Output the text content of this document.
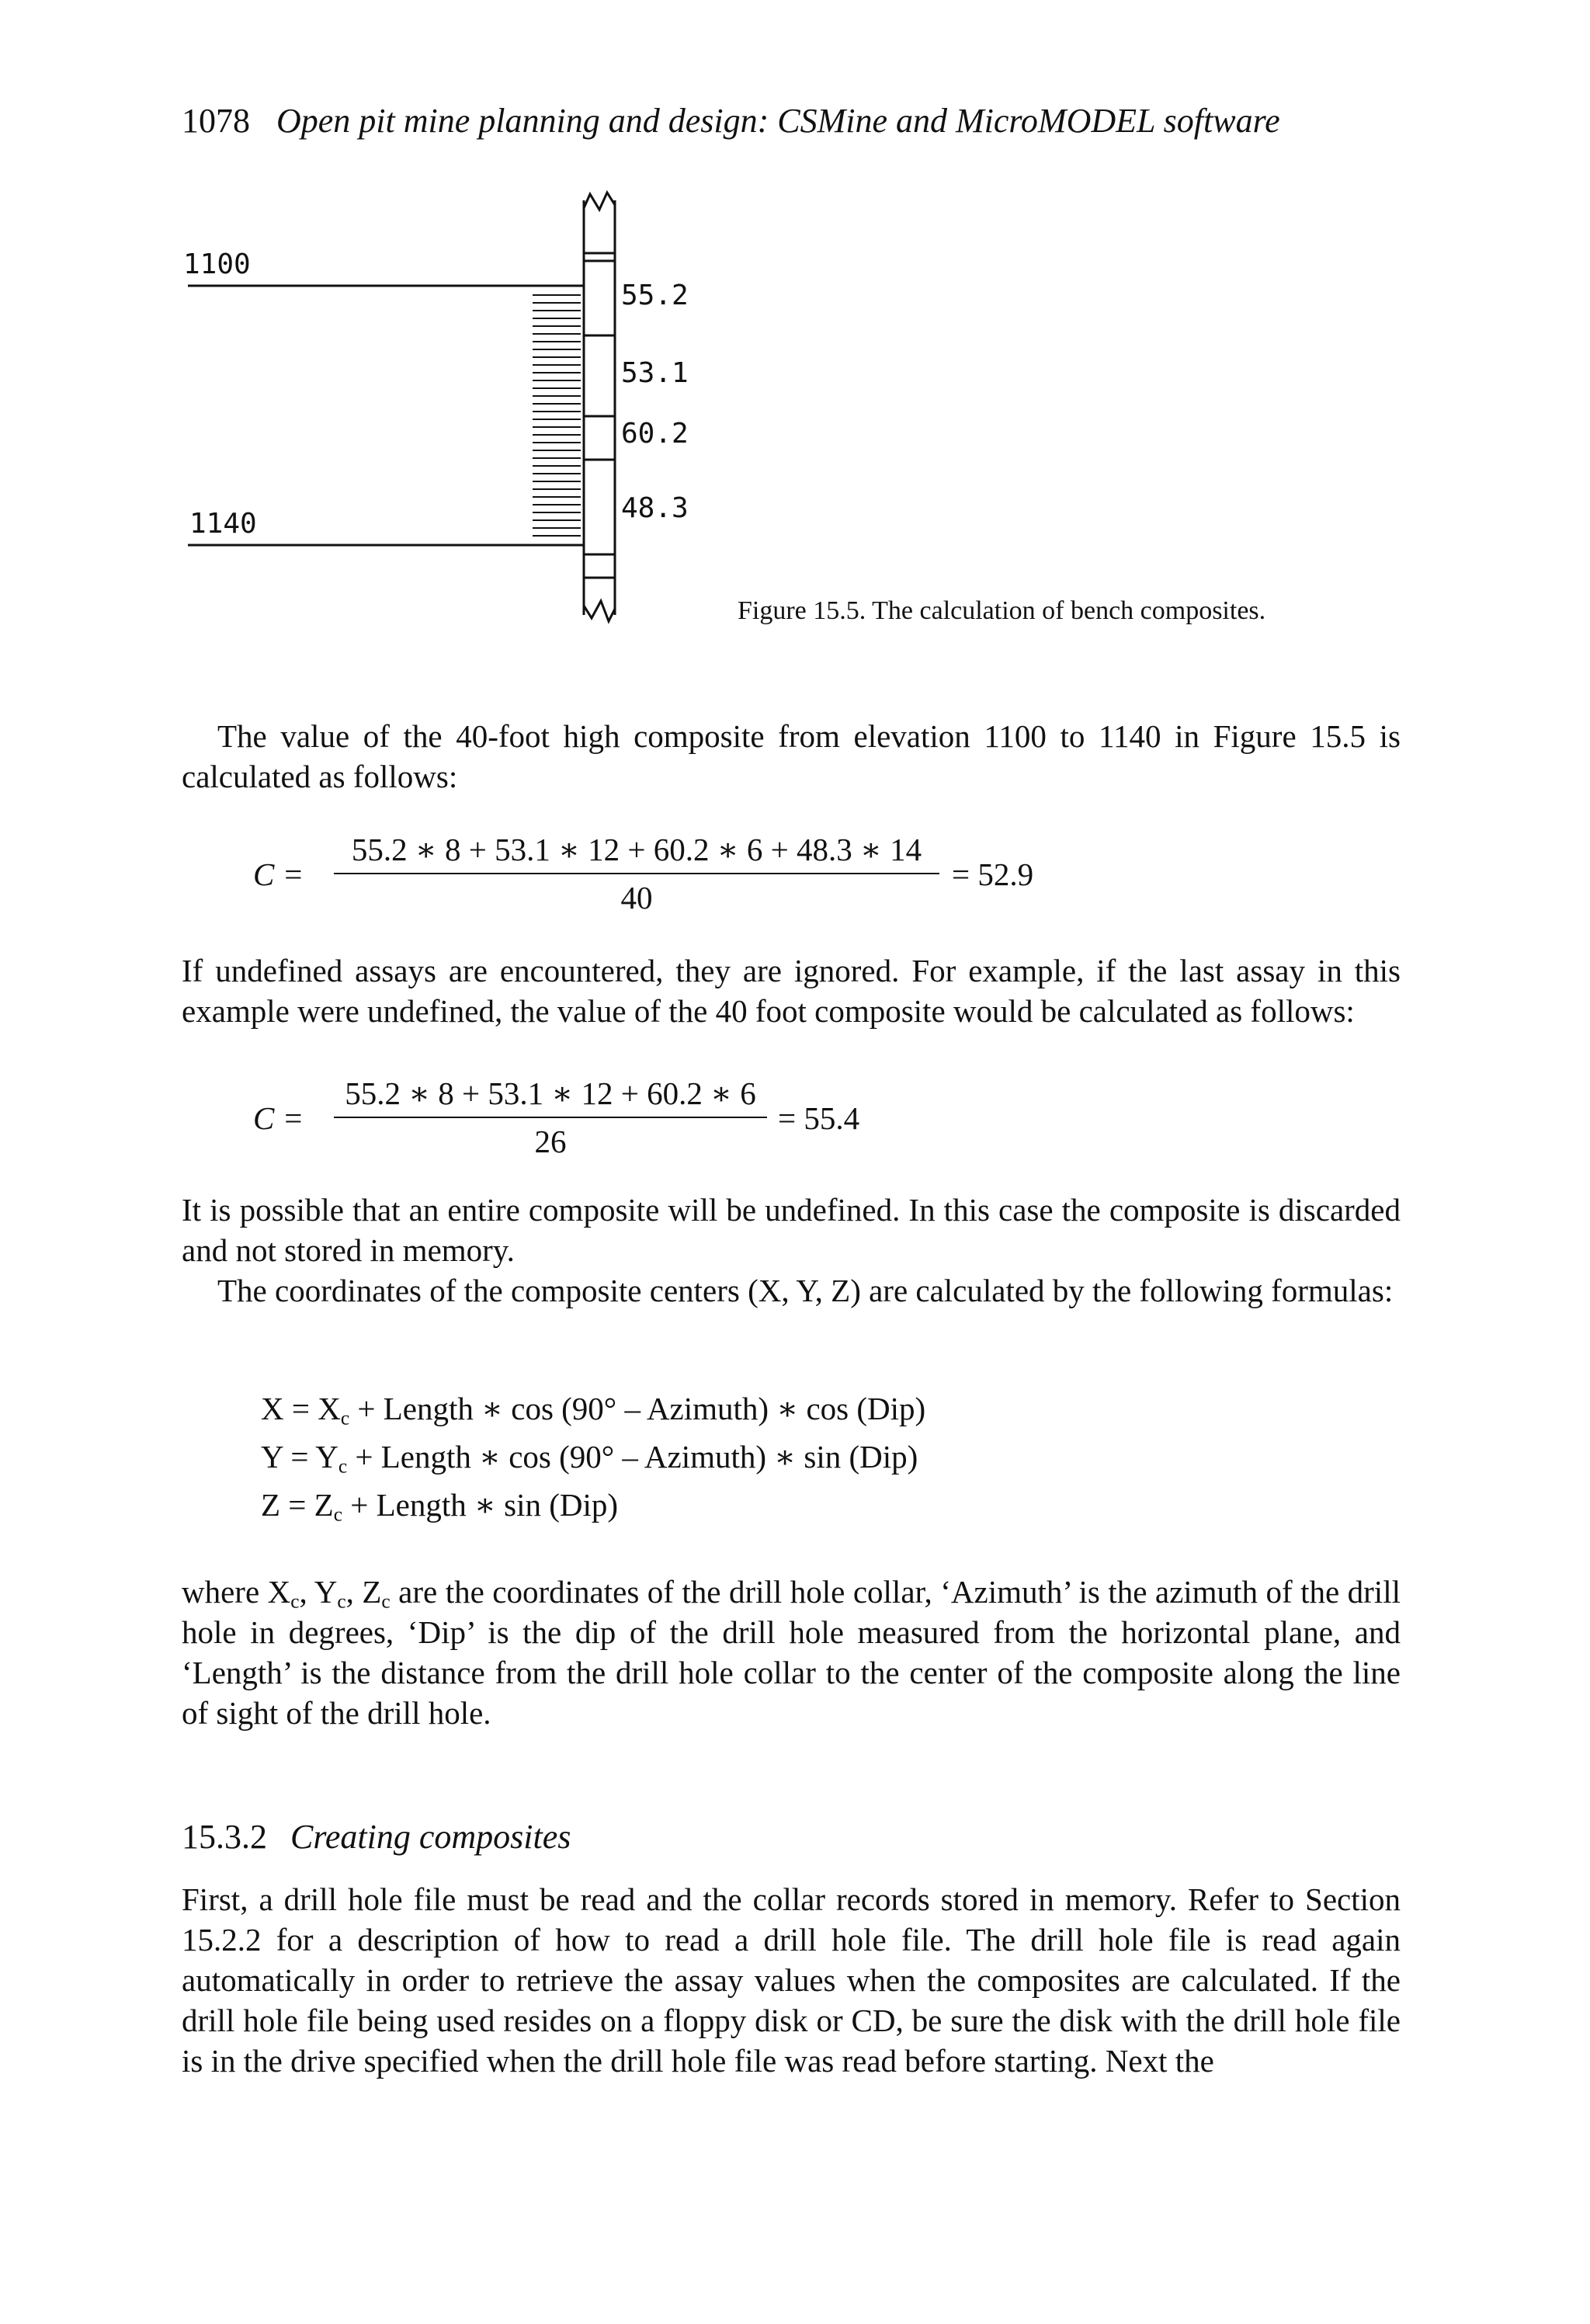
1078 Open pit mine planning and design: CSMine and MicroMODEL software
1100
1140
55.2
53.1
60.2
48.3
Figure 15.5. The calculation of bench composites.

The value of the 40-foot high composite from elevation 1100 to 1140 in Figure 15.5 is calculated as follows:

C =
55.2 ∗ 8 + 53.1 ∗ 12 + 60.2 ∗ 6 + 48.3 ∗ 14
40
= 52.9

If undefined assays are encountered, they are ignored. For example, if the last assay in this example were undefined, the value of the 40 foot composite would be calculated as follows:

C =
55.2 ∗ 8 + 53.1 ∗ 12 + 60.2 ∗ 6
26
= 55.4

It is possible that an entire composite will be undefined. In this case the composite is discarded and not stored in memory.

The coordinates of the composite centers (X, Y, Z) are calculated by the following formulas:

$X = X_c$ + Length ∗ cos (90° – Azimuth) ∗ cos (Dip)
$Y = Y_c$ + Length ∗ cos (90° – Azimuth) ∗ sin (Dip)
$Z = Z_c$ + Length ∗ sin (Dip)

where $X_c$, $Y_c$, $Z_c$ are the coordinates of the drill hole collar, ‘Azimuth’ is the azimuth of the drill hole in degrees, ‘Dip’ is the dip of the drill hole measured from the horizontal plane, and ‘Length’ is the distance from the drill hole collar to the center of the composite along the line of sight of the drill hole.

15.3.2 Creating composites

First, a drill hole file must be read and the collar records stored in memory. Refer to Section 15.2.2 for a description of how to read a drill hole file. The drill hole file is read again automatically in order to retrieve the assay values when the composites are calculated. If the drill hole file being used resides on a floppy disk or CD, be sure the disk with the drill hole file is in the drive specified when the drill hole file was read before starting. Next the
